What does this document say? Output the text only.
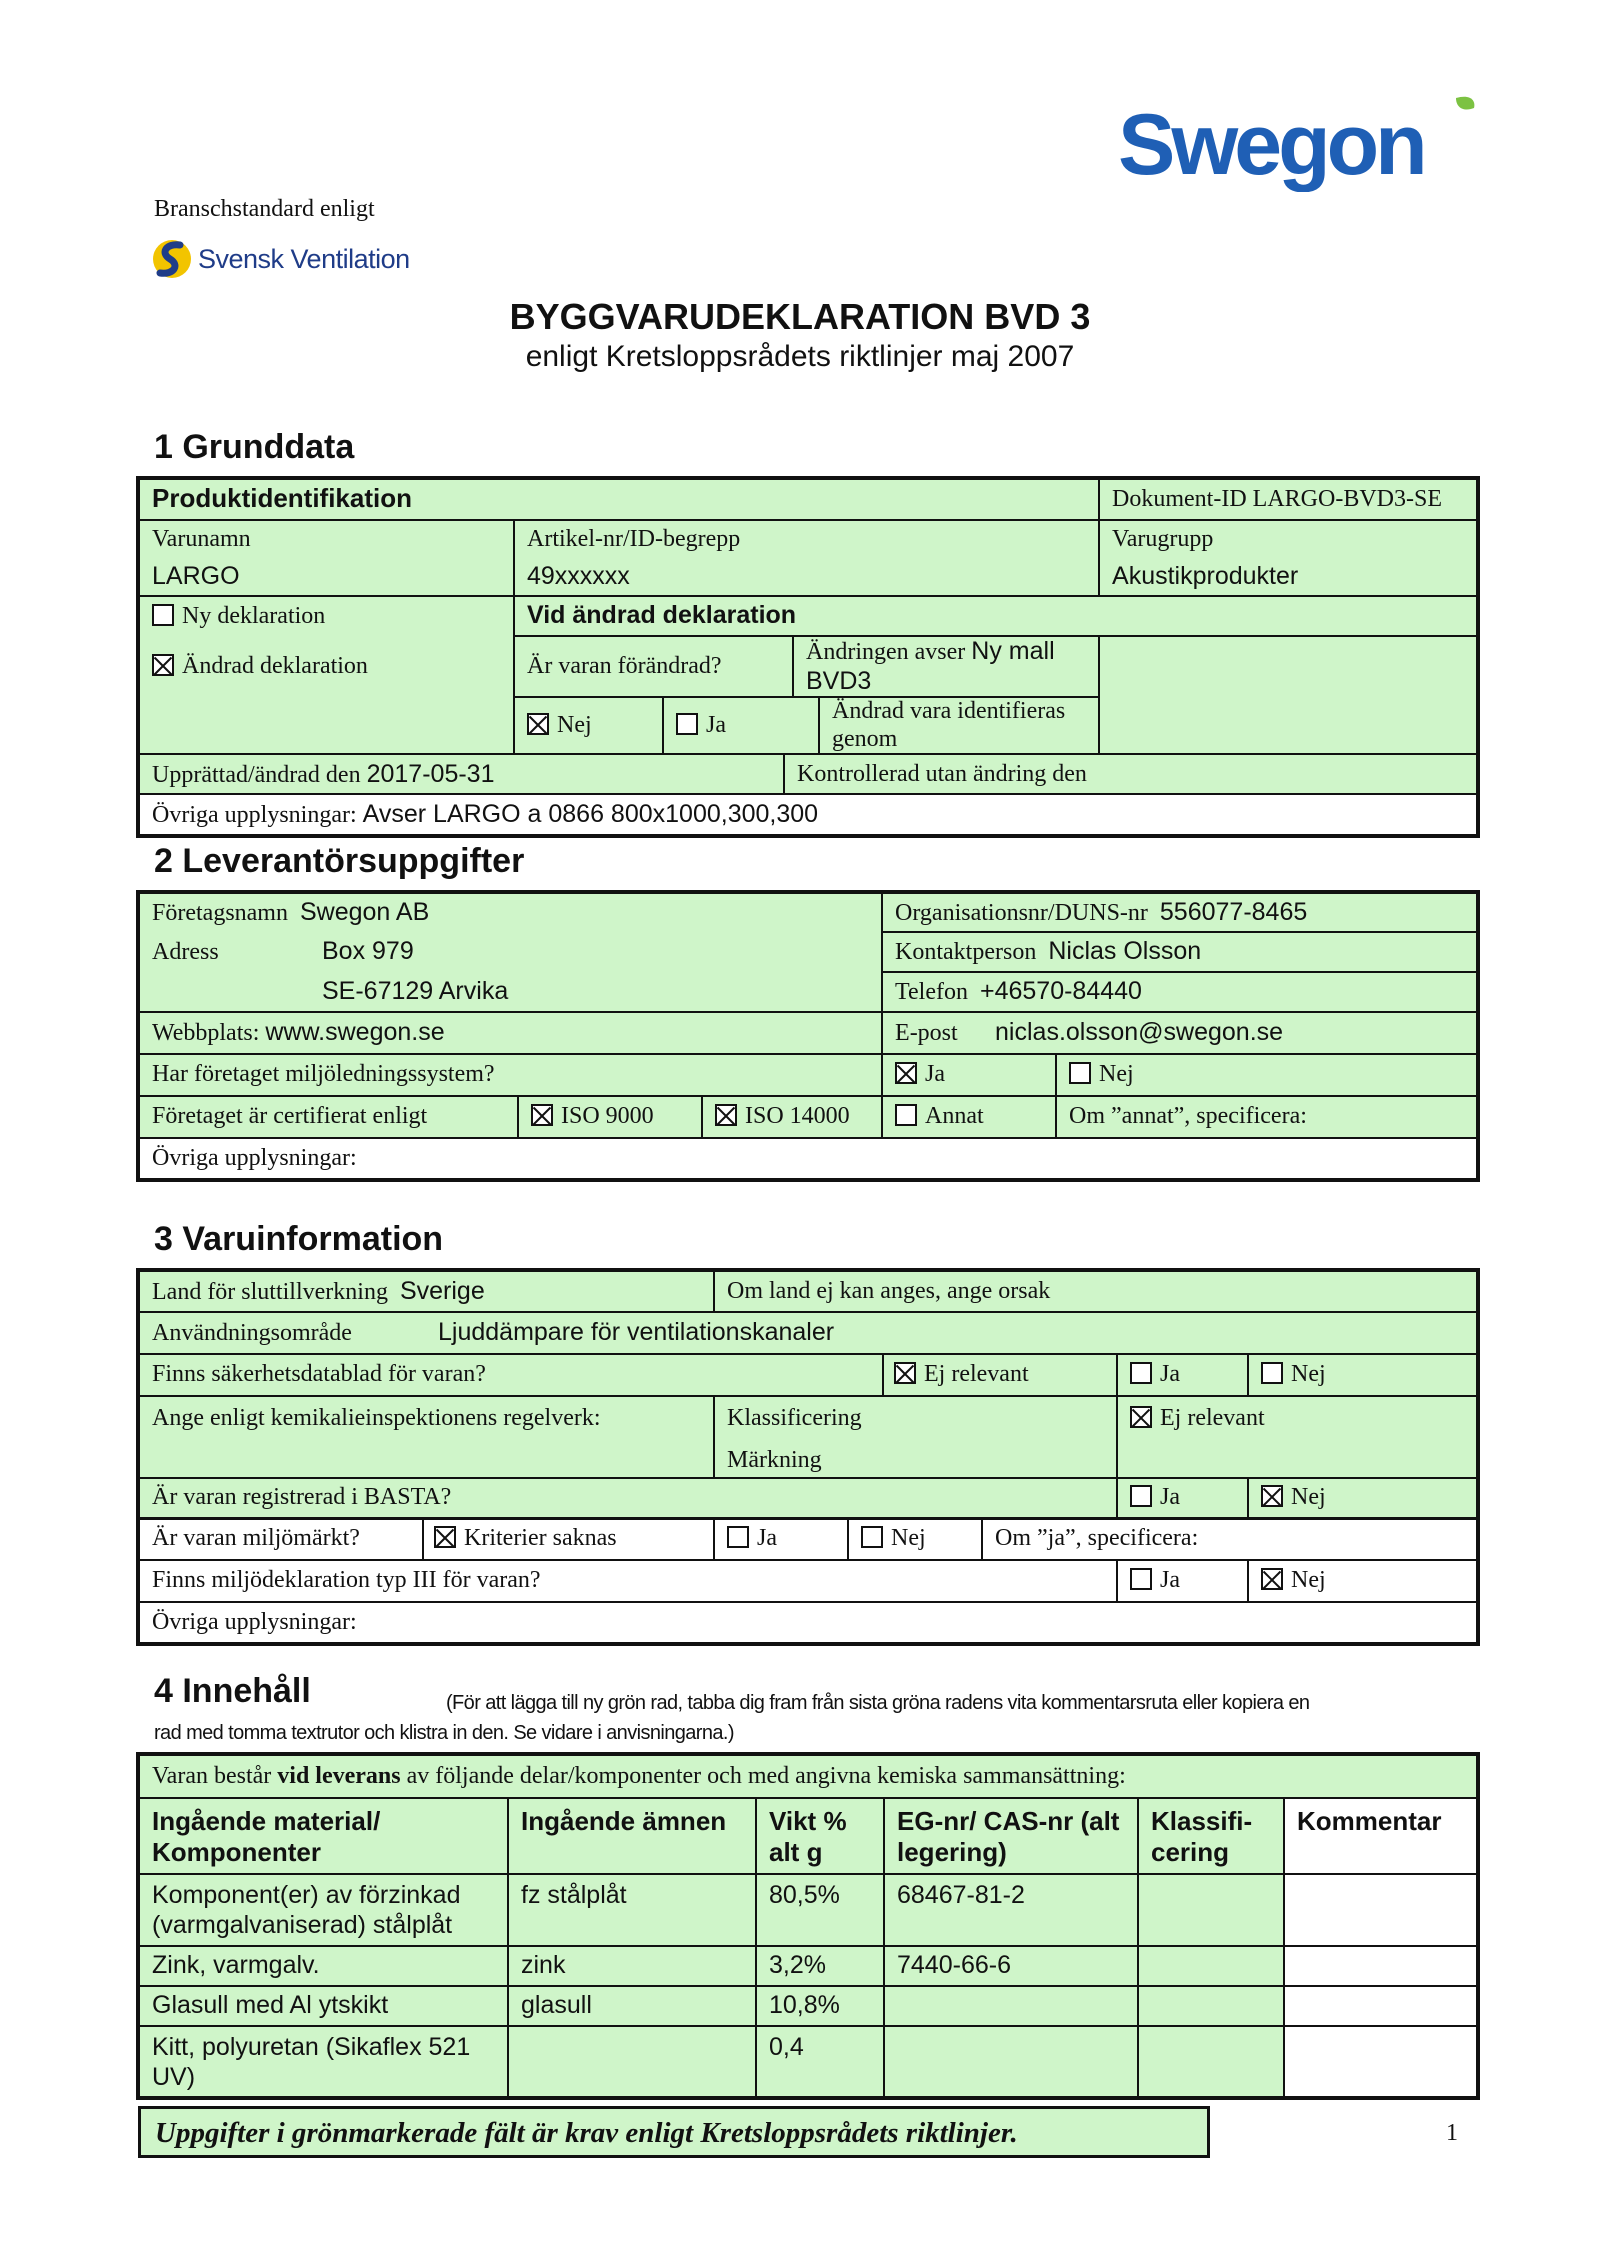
Swegon
Branschstandard enligt
Svensk Ventilation
BYGGVARUDEKLARATION BVD 3
enligt Kretsloppsrådets riktlinjer maj 2007
1 Grunddata
Produktidentifikation	Dokument-ID LARGO-BVD3-SE
Varunamn	Artikel-nr/ID-begrepp	Varugrupp
LARGO	49xxxxxx	Akustikprodukter
Ny deklaration	Vid ändrad deklaration
Ändrad deklaration		Är varan förändrad?	Ändringen avser Ny mall BVD3

Nej	Ja	Ändrad vara identifieras genom

Upprättad/ändrad den 2017-05-31	Kontrollerad utan ändring den
Övriga upplysningar: Avser LARGO a 0866 800x1000,300,300
2 Leverantörsuppgifter
Företagsnamn Swegon AB			Organisationsnr/DUNS-nr 556077-8465	
Adress Box 979			Kontaktperson Niclas Olsson	
SE-67129 Arvika			Telefon +46570-84440	
Webbplats: www.swegon.se			E-post niclas.olsson@swegon.se	
Har företaget miljöledningssystem?			Ja	Nej
Företaget är certifierat enligt	ISO 9000	ISO 14000	Annat	Om ”annat”, specificera:
Övriga upplysningar:				
3 Varuinformation
Land för sluttillverkning Sverige	Om land ej kan anges, ange orsak				
Användningsområde Ljuddämpare för ventilationskanaler					

Finns säkerhetsdatablad för varan? Ej relevant				Ja	Nej
Ange enligt kemikalieinspektionens regelverk:	Klassificering
Märkning			Ej relevant	
Är varan registrerad i BASTA?				Ja	Nej

Är varan miljömärkt? Kriterier saknas	Ja	Nej	Om ”ja”, specificera:		
Finns miljödeklaration typ III för varan?				Ja	Nej
Övriga upplysningar:					
4 Innehåll	(För att lägga till ny grön rad, tabba dig fram från sista gröna radens vita kommentarsruta eller kopiera en
rad med tomma textrutor och klistra in den. Se vidare i anvisningarna.)
Varan består vid leverans av följande delar/komponenter och med angivna kemiska sammansättning:					
Ingående material/ Komponenter	Ingående ämnen	Vikt % alt g	EG-nr/ CAS-nr (alt legering)	Klassifi-cering	Kommentar
Komponent(er) av förzinkad (varmgalvaniserad) stålplåt	fz stålplåt	80,5%	68467-81-2		
Zink, varmgalv.	zink	3,2%	7440-66-6		
Glasull med Al ytskikt	glasull	10,8%			
Kitt, polyuretan (Sikaflex 521 UV)		0,4			
Uppgifter i grönmarkerade fält är krav enligt Kretsloppsrådets riktlinjer.	1
